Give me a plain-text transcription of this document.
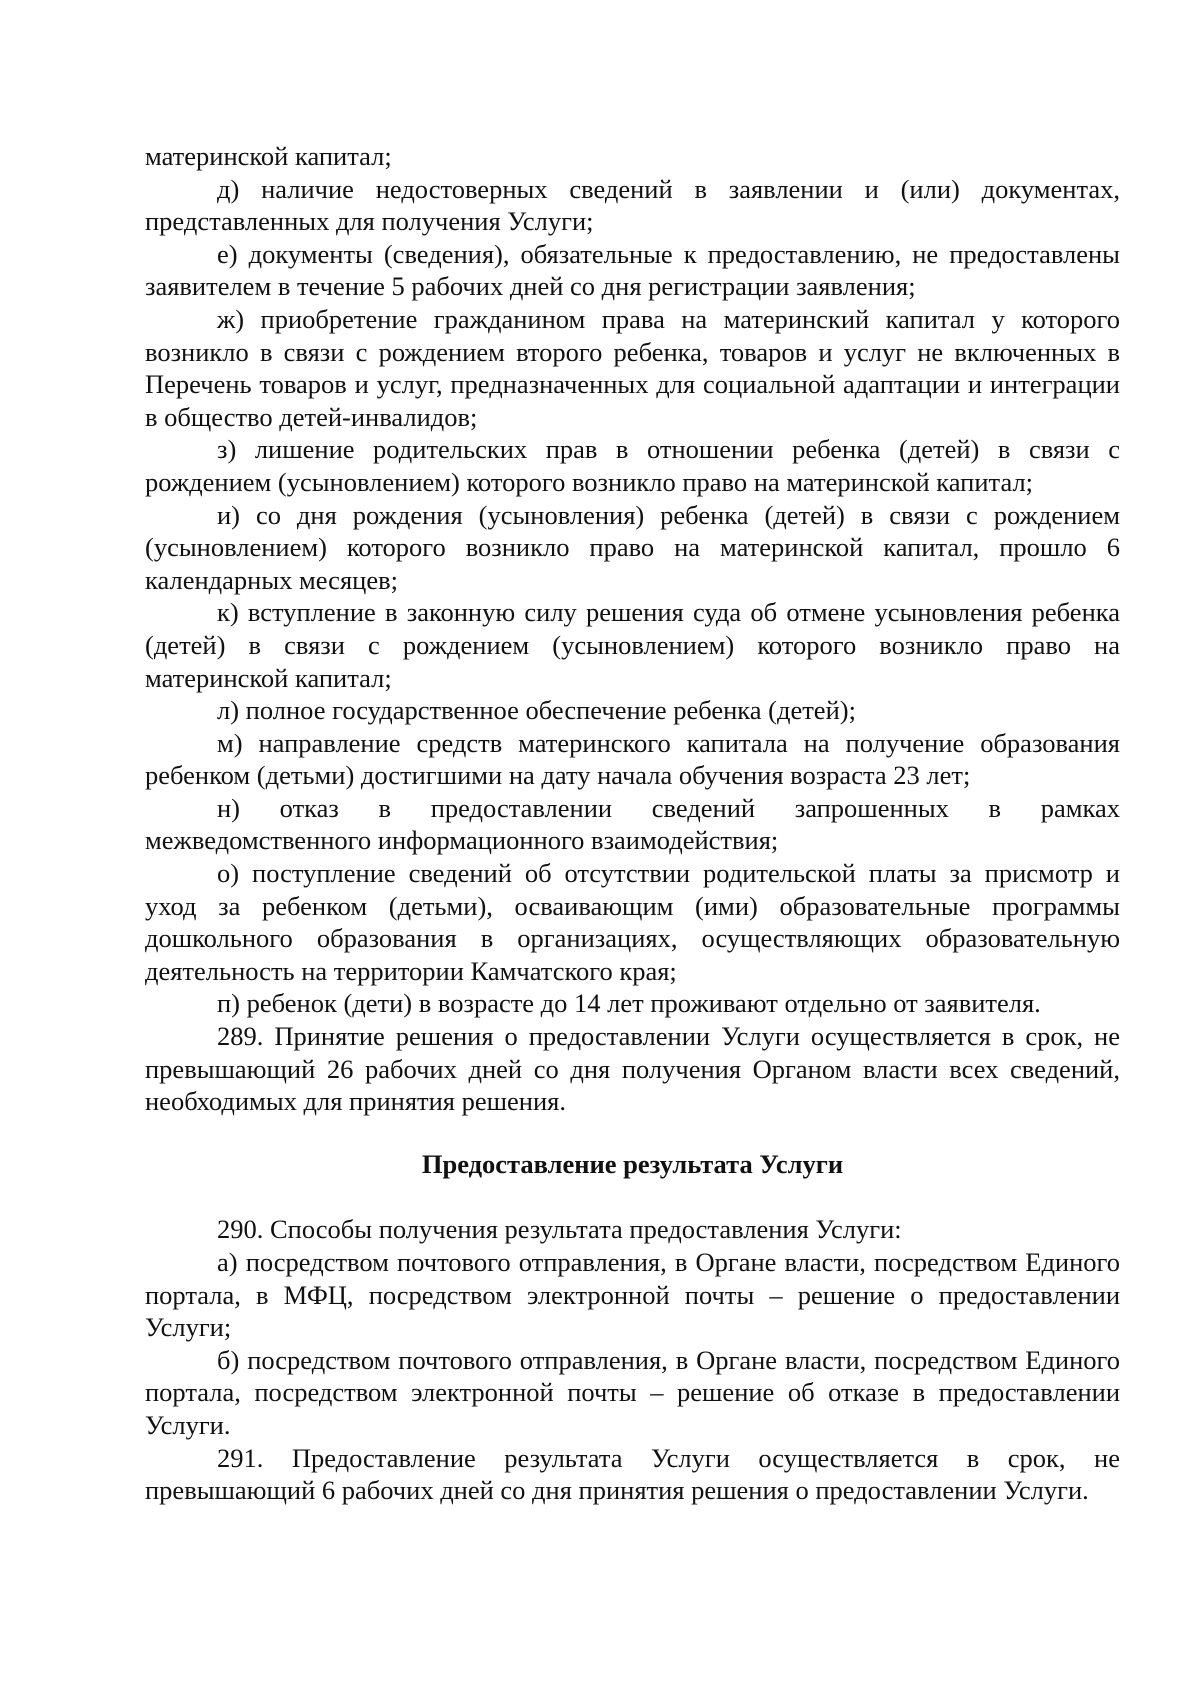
материнской капитал;

д) наличие недостоверных сведений в заявлении и (или) документах, представленных для получения Услуги;

е) документы (сведения), обязательные к предоставлению, не предоставлены заявителем в течение 5 рабочих дней со дня регистрации заявления;

ж) приобретение гражданином права на материнский капитал у которого возникло в связи с рождением второго ребенка, товаров и услуг не включенных в Перечень товаров и услуг, предназначенных для социальной адаптации и интеграции в общество детей-инвалидов;

з) лишение родительских прав в отношении ребенка (детей) в связи с рождением (усыновлением) которого возникло право на материнской капитал;

и) со дня рождения (усыновления) ребенка (детей) в связи с рождением (усыновлением) которого возникло право на материнской капитал, прошло 6 календарных месяцев;

к) вступление в законную силу решения суда об отмене усыновления ребенка (детей) в связи с рождением (усыновлением) которого возникло право на материнской капитал;

л) полное государственное обеспечение ребенка (детей);

м) направление средств материнского капитала на получение образования ребенком (детьми) достигшими на дату начала обучения возраста 23 лет;

н) отказ в предоставлении сведений запрошенных в рамках межведомственного информационного взаимодействия;

о) поступление сведений об отсутствии родительской платы за присмотр и уход за ребенком (детьми), осваивающим (ими) образовательные программы дошкольного образования в организациях, осуществляющих образовательную деятельность на территории Камчатского края;

п) ребенок (дети) в возрасте до 14 лет проживают отдельно от заявителя.

289. Принятие решения о предоставлении Услуги осуществляется в срок, не превышающий 26 рабочих дней со дня получения Органом власти всех сведений, необходимых для принятия решения.

Предоставление результата Услуги

290. Способы получения результата предоставления Услуги:

а) посредством почтового отправления, в Органе власти, посредством Единого портала, в МФЦ, посредством электронной почты – решение о предоставлении Услуги;

б) посредством почтового отправления, в Органе власти, посредством Единого портала, посредством электронной почты – решение об отказе в предоставлении Услуги.

291. Предоставление результата Услуги осуществляется в срок, не превышающий 6 рабочих дней со дня принятия решения о предоставлении Услуги.
